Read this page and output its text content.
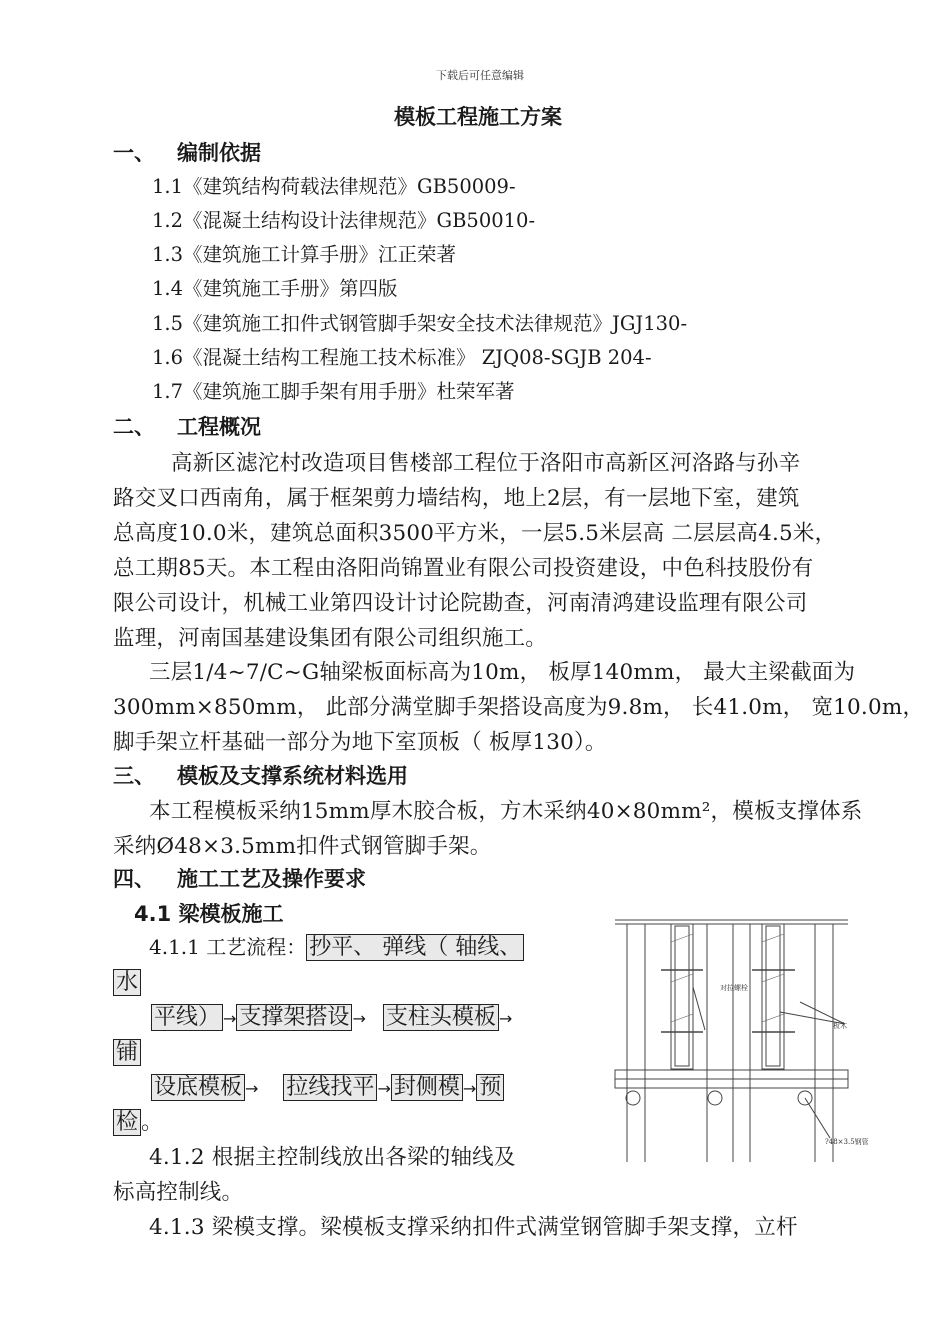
下载后可任意编辑
模板工程施工方案
一、 编制依据
1.1《建筑结构荷载法律规范》GB50009-
1.2《混凝土结构设计法律规范》GB50010-
1.3《建筑施工计算手册》江正荣著
1.4《建筑施工手册》第四版
1.5《建筑施工扣件式钢管脚手架安全技术法律规范》JGJ130-
1.6《混凝土结构工程施工技术标准》 ZJQ08-SGJB 204-
1.7《建筑施工脚手架有用手册》杜荣军著
二、 工程概况
高新区滤沱村改造项目售楼部工程位于洛阳市高新区河洛路与孙辛
路交叉口西南角，属于框架剪力墙结构，地上2层，有一层地下室，建筑
总高度10.0米，建筑总面积3500平方米，一层5.5米层高 二层层高4.5米，
总工期85天。本工程由洛阳尚锦置业有限公司投资建设，中色科技股份有
限公司设计，机械工业第四设计讨论院勘查，河南清鸿建设监理有限公司
监理，河南国基建设集团有限公司组织施工。
三层1/4~7/C~G轴梁板面标高为10m， 板厚140mm， 最大主梁截面为
300mm×850mm， 此部分满堂脚手架搭设高度为9.8m， 长41.0m， 宽10.0m，
脚手架立杆基础一部分为地下室顶板（ 板厚130）。
三、 模板及支撑系统材料选用
本工程模板采纳15mm厚木胶合板，方木采纳40×80mm²，模板支撑体系
采纳Ø48×3.5mm扣件式钢管脚手架。
四、 施工工艺及操作要求
4.1 梁模板施工
4.1.1 工艺流程： 抄平、 弹线（ 轴线、
水
平线） → 支撑架搭设 → 支柱头模板 →
铺
设底模板 → 拉线找平 → 封侧模 → 预
检 。
4.1.2 根据主控制线放出各梁的轴线及
标高控制线。
4.1.3 梁模支撑。梁模板支撑采纳扣件式满堂钢管脚手架支撑，立杆
对拉螺栓
板木
?48×3.5钢管
